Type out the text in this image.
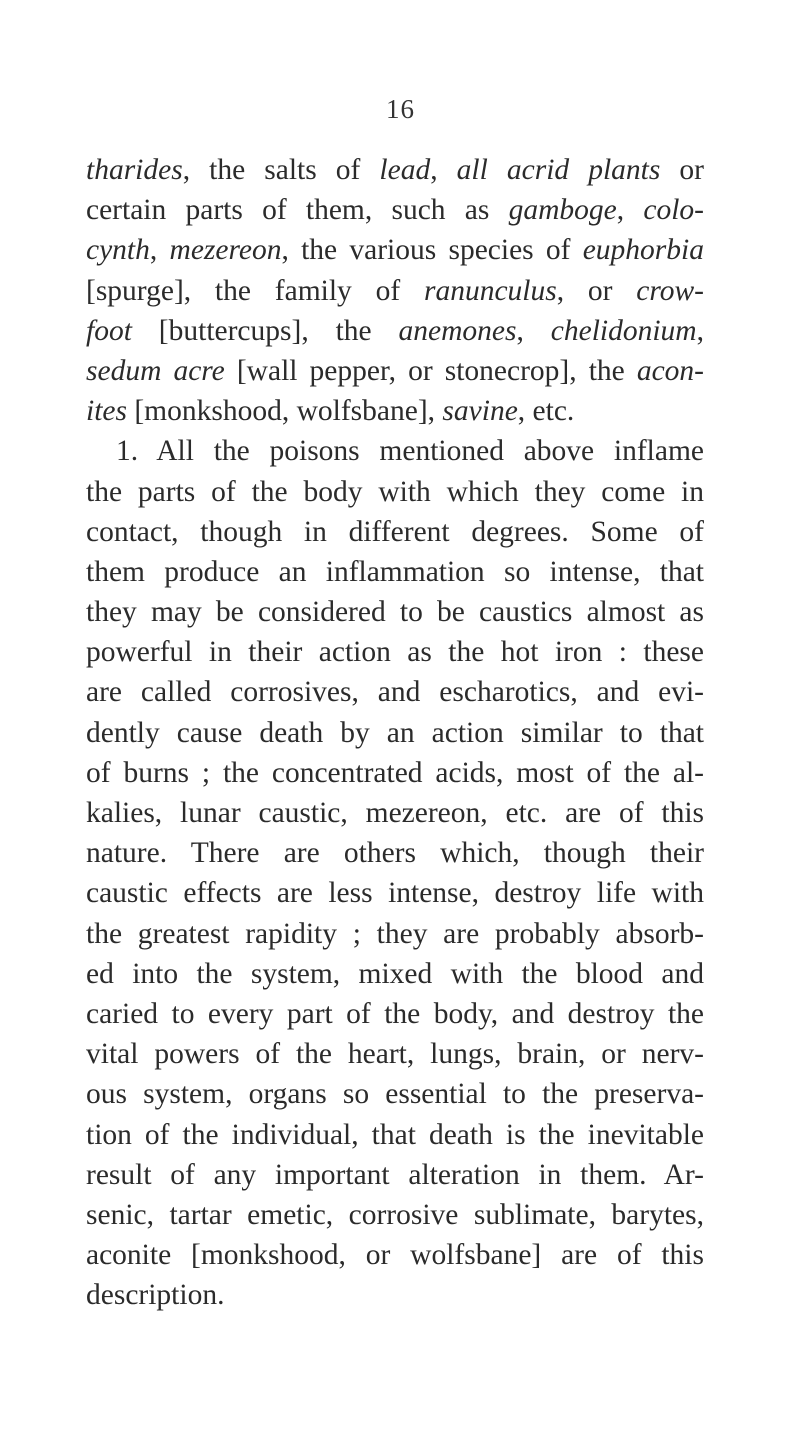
16
tharides, the salts of lead, all acrid plants or
certain parts of them, such as gamboge, colo-
cynth, mezereon, the various species of euphorbia
[spurge], the family of ranunculus, or crow-
foot [buttercups], the anemones, chelidonium,
sedum acre [wall pepper, or stonecrop], the acon-
ites [monkshood, wolfsbane], savine, etc.
1. All the poisons mentioned above inflame
the parts of the body with which they come in
contact, though in different degrees. Some of
them produce an inflammation so intense, that
they may be considered to be caustics almost as
powerful in their action as the hot iron : these
are called corrosives, and escharotics, and evi-
dently cause death by an action similar to that
of burns ; the concentrated acids, most of the al-
kalies, lunar caustic, mezereon, etc. are of this
nature. There are others which, though their
caustic effects are less intense, destroy life with
the greatest rapidity ; they are probably absorb-
ed into the system, mixed with the blood and
caried to every part of the body, and destroy the
vital powers of the heart, lungs, brain, or nerv-
ous system, organs so essential to the preserva-
tion of the individual, that death is the inevitable
result of any important alteration in them. Ar-
senic, tartar emetic, corrosive sublimate, barytes,
aconite [monkshood, or wolfsbane] are of this
description.
